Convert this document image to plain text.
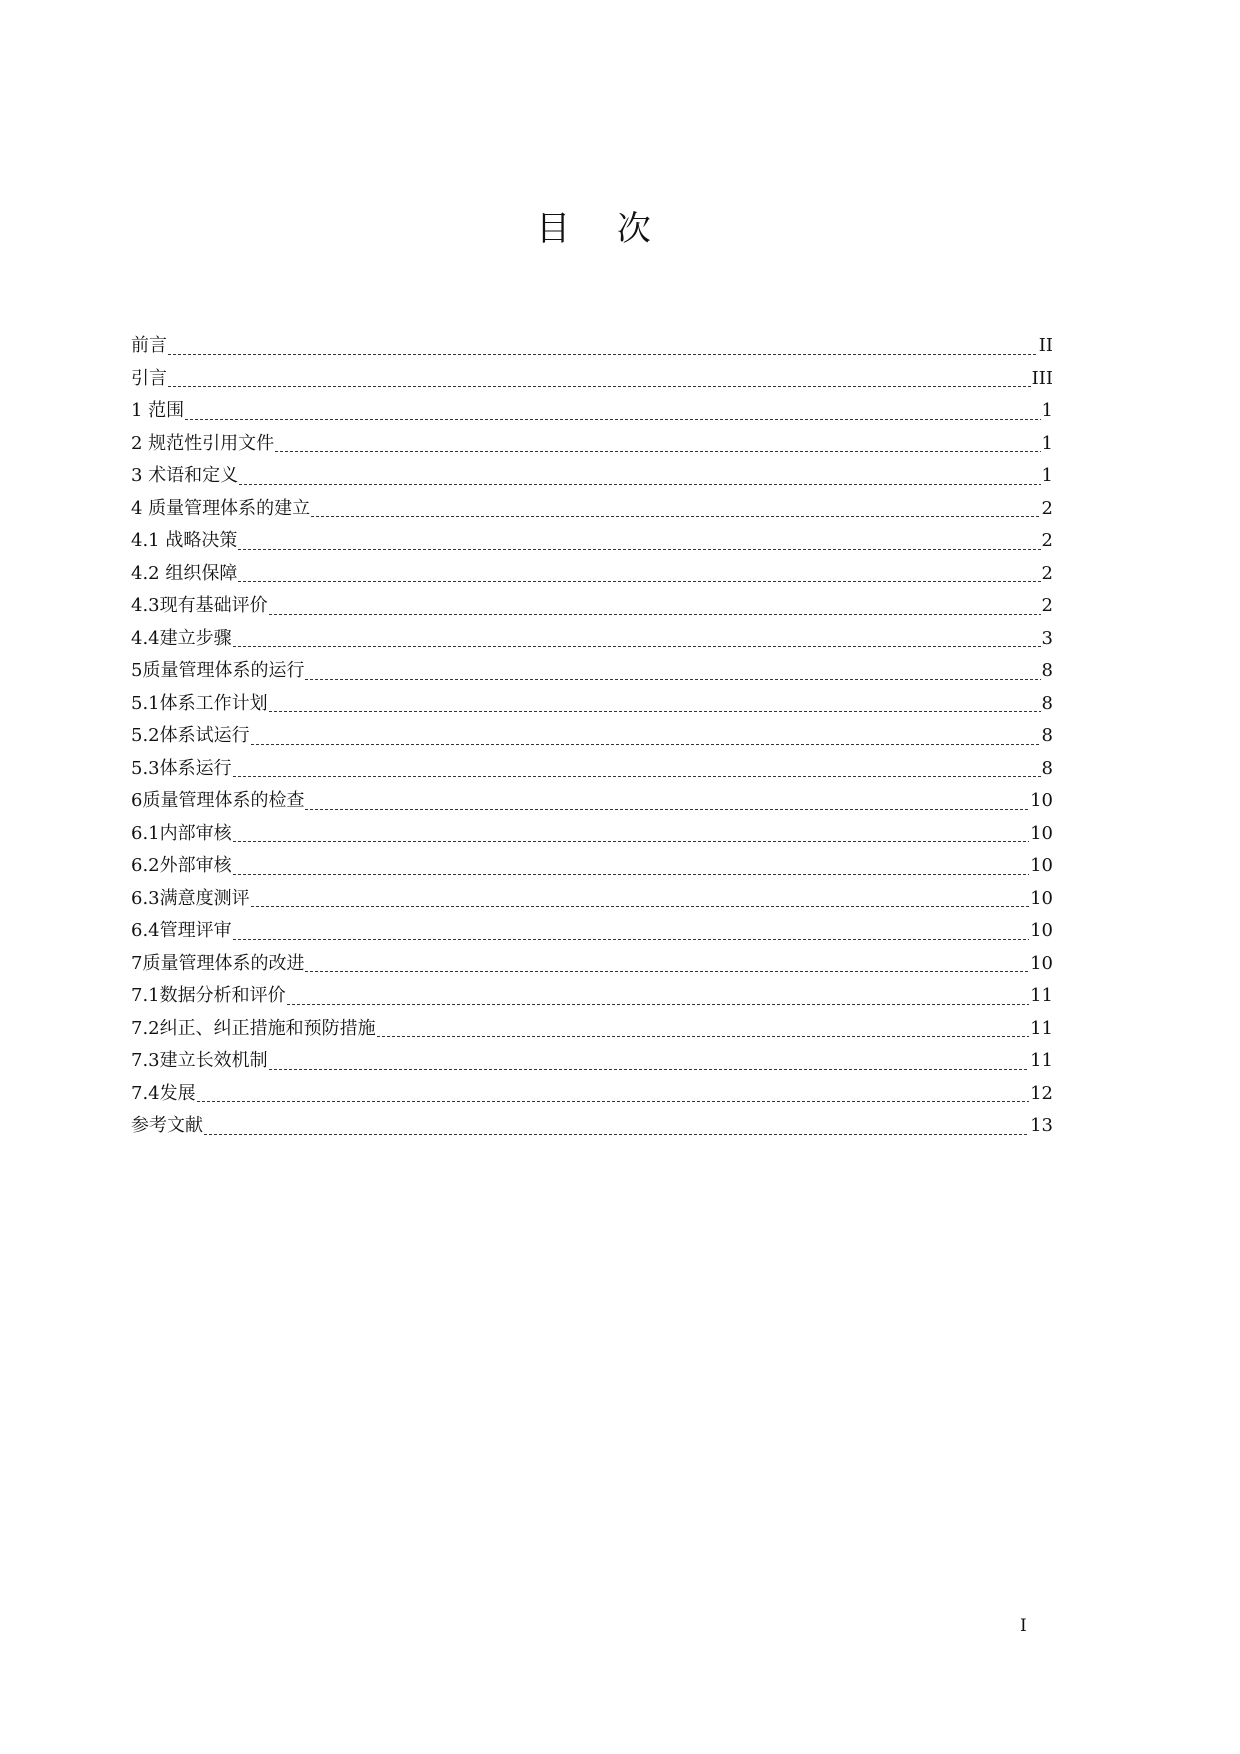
目 次
前言	II
引言	III
1 范围	1
2 规范性引用文件	1
3 术语和定义	1
4 质量管理体系的建立	2
4.1 战略决策	2
4.2 组织保障	2
4.3现有基础评价	2
4.4建立步骤	3
5质量管理体系的运行	8
5.1体系工作计划	8
5.2体系试运行	8
5.3体系运行	8
6质量管理体系的检查	10
6.1内部审核	10
6.2外部审核	10
6.3满意度测评	10
6.4管理评审	10
7质量管理体系的改进	10
7.1数据分析和评价	11
7.2纠正、纠正措施和预防措施	11
7.3建立长效机制	11
7.4发展	12
参考文献	13
I
